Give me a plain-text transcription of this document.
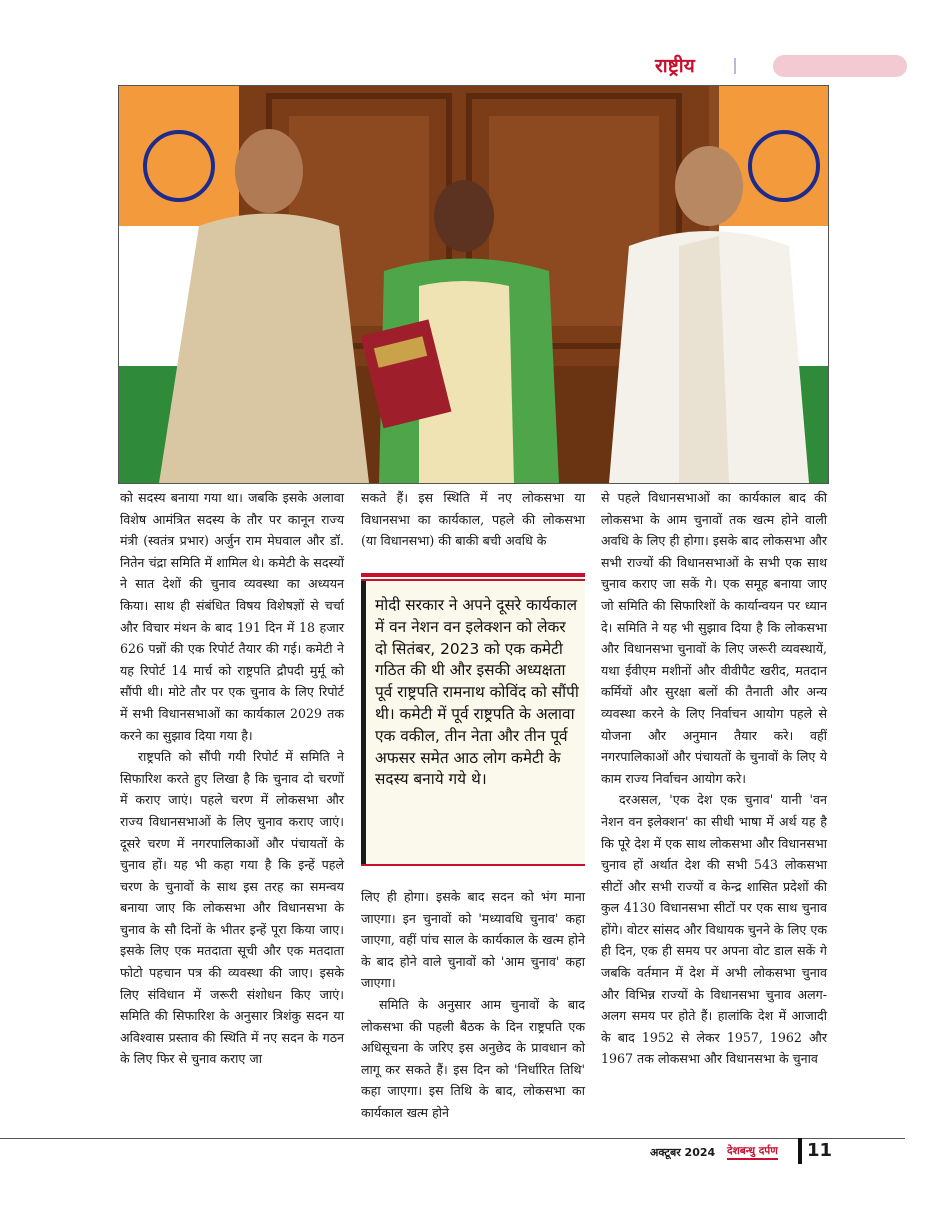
राष्ट्रीय

को सदस्य बनाया गया था। जबकि इसके अलावा विशेष आमंत्रित सदस्य के तौर पर कानून राज्य मंत्री (स्वतंत्र प्रभार) अर्जुन राम मेघवाल और डॉ. नितेन चंद्रा समिति में शामिल थे। कमेटी के सदस्यों ने सात देशों की चुनाव व्यवस्था का अध्ययन किया। साथ ही संबंधित विषय विशेषज्ञों से चर्चा और विचार मंथन के बाद 191 दिन में 18 हजार 626 पन्नों की एक रिपोर्ट तैयार की गई। कमेटी ने यह रिपोर्ट 14 मार्च को राष्ट्रपति द्रौपदी मुर्मू को सौंपी थी। मोटे तौर पर एक चुनाव के लिए रिपोर्ट में सभी विधानसभाओं का कार्यकाल 2029 तक करने का सुझाव दिया गया है।

राष्ट्रपति को सौंपी गयी रिपोर्ट में समिति ने सिफारिश करते हुए लिखा है कि चुनाव दो चरणों में कराए जाएं। पहले चरण में लोकसभा और राज्य विधानसभाओं के लिए चुनाव कराए जाएं। दूसरे चरण में नगरपालिकाओं और पंचायतों के चुनाव हों। यह भी कहा गया है कि इन्हें पहले चरण के चुनावों के साथ इस तरह का समन्वय बनाया जाए कि लोकसभा और विधानसभा के चुनाव के सौ दिनों के भीतर इन्हें पूरा किया जाए। इसके लिए एक मतदाता सूची और एक मतदाता फोटो पहचान पत्र की व्यवस्था की जाए। इसके लिए संविधान में जरूरी संशोधन किए जाएं। समिति की सिफारिश के अनुसार त्रिशंकु सदन या अविश्वास प्रस्ताव की स्थिति में नए सदन के गठन के लिए फिर से चुनाव कराए जा

सकते हैं। इस स्थिति में नए लोकसभा या विधानसभा का कार्यकाल, पहले की लोकसभा (या विधानसभा) की बाकी बची अवधि के

मोदी सरकार ने अपने दूसरे कार्यकाल में वन नेशन वन इलेक्शन को लेकर दो सितंबर, 2023 को एक कमेटी गठित की थी और इसकी अध्यक्षता पूर्व राष्ट्रपति रामनाथ कोविंद को सौंपी थी। कमेटी में पूर्व राष्ट्रपति के अलावा एक वकील, तीन नेता और तीन पूर्व अफसर समेत आठ लोग कमेटी के सदस्य बनाये गये थे।

लिए ही होगा। इसके बाद सदन को भंग माना जाएगा। इन चुनावों को 'मध्यावधि चुनाव' कहा जाएगा, वहीं पांच साल के कार्यकाल के खत्म होने के बाद होने वाले चुनावों को 'आम चुनाव' कहा जाएगा।

समिति के अनुसार आम चुनावों के बाद लोकसभा की पहली बैठक के दिन राष्ट्रपति एक अधिसूचना के जरिए इस अनुछेद के प्रावधान को लागू कर सकते हैं। इस दिन को 'निर्धारित तिथि' कहा जाएगा। इस तिथि के बाद, लोकसभा का कार्यकाल खत्म होने

से पहले विधानसभाओं का कार्यकाल बाद की लोकसभा के आम चुनावों तक खत्म होने वाली अवधि के लिए ही होगा। इसके बाद लोकसभा और सभी राज्यों की विधानसभाओं के सभी एक साथ चुनाव कराए जा सकें गे। एक समूह बनाया जाए जो समिति की सिफारिशों के कार्यान्वयन पर ध्यान दे। समिति ने यह भी सुझाव दिया है कि लोकसभा और विधानसभा चुनावों के लिए जरूरी व्यवस्थायें, यथा ईवीएम मशीनों और वीवीपैट खरीद, मतदान कर्मियों और सुरक्षा बलों की तैनाती और अन्य व्यवस्था करने के लिए निर्वाचन आयोग पहले से योजना और अनुमान तैयार करे। वहीं नगरपालिकाओं और पंचायतों के चुनावों के लिए ये काम राज्य निर्वाचन आयोग करे।

दरअसल, 'एक देश एक चुनाव' यानी 'वन नेशन वन इलेक्शन' का सीधी भाषा में अर्थ यह है कि पूरे देश में एक साथ लोकसभा और विधानसभा चुनाव हों अर्थात देश की सभी 543 लोकसभा सीटों और सभी राज्यों व केन्द्र शासित प्रदेशों की कुल 4130 विधानसभा सीटों पर एक साथ चुनाव होंगे। वोटर सांसद और विधायक चुनने के लिए एक ही दिन, एक ही समय पर अपना वोट डाल सकें गे जबकि वर्तमान में देश में अभी लोकसभा चुनाव और विभिन्न राज्यों के विधानसभा चुनाव अलग-अलग समय पर होते हैं। हालांकि देश में आजादी के बाद 1952 से लेकर 1957, 1962 और 1967 तक लोकसभा और विधानसभा के चुनाव

अक्टूबर 2024 देशबन्धु दर्पण 11
